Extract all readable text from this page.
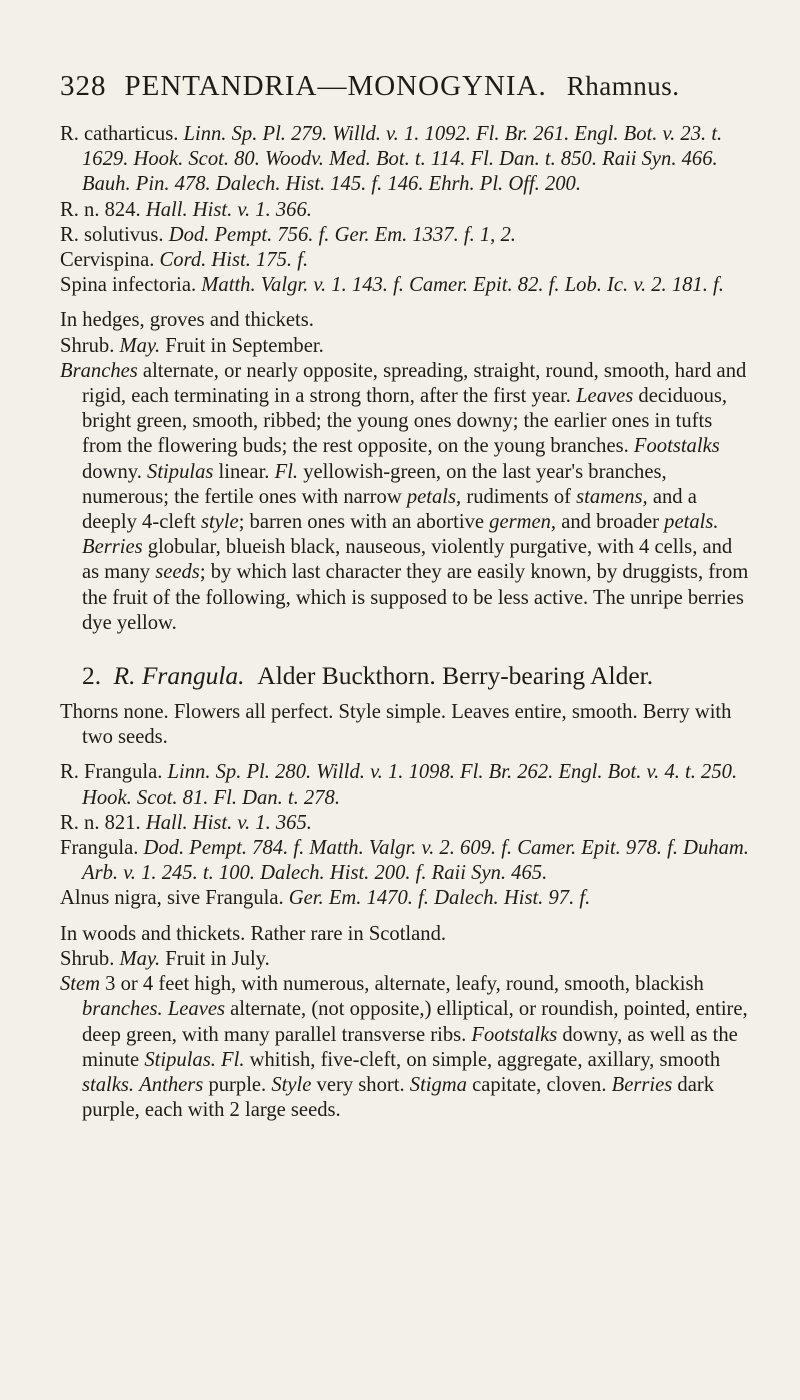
328 PENTANDRIA—MONOGYNIA. Rhamnus.
R. catharticus. Linn. Sp. Pl. 279. Willd. v. 1. 1092. Fl. Br. 261. Engl. Bot. v. 23. t. 1629. Hook. Scot. 80. Woodv. Med. Bot. t. 114. Fl. Dan. t. 850. Raii Syn. 466. Bauh. Pin. 478. Dalech. Hist. 145. f. 146. Ehrh. Pl. Off. 200.
R. n. 824. Hall. Hist. v. 1. 366.
R. solutivus. Dod. Pempt. 756. f. Ger. Em. 1337. f. 1, 2.
Cervispina. Cord. Hist. 175. f.
Spina infectoria. Matth. Valgr. v. 1. 143. f. Camer. Epit. 82. f. Lob. Ic. v. 2. 181. f.
In hedges, groves and thickets.
Shrub. May. Fruit in September.
Branches alternate, or nearly opposite, spreading, straight, round, smooth, hard and rigid, each terminating in a strong thorn, after the first year. Leaves deciduous, bright green, smooth, ribbed; the young ones downy; the earlier ones in tufts from the flowering buds; the rest opposite, on the young branches. Footstalks downy. Stipulas linear. Fl. yellowish-green, on the last year's branches, numerous; the fertile ones with narrow petals, rudiments of stamens, and a deeply 4-cleft style; barren ones with an abortive germen, and broader petals. Berries globular, blueish black, nauseous, violently purgative, with 4 cells, and as many seeds; by which last character they are easily known, by druggists, from the fruit of the following, which is supposed to be less active. The unripe berries dye yellow.
2. R. Frangula. Alder Buckthorn. Berry-bearing Alder.
Thorns none. Flowers all perfect. Style simple. Leaves entire, smooth. Berry with two seeds.
R. Frangula. Linn. Sp. Pl. 280. Willd. v. 1. 1098. Fl. Br. 262. Engl. Bot. v. 4. t. 250. Hook. Scot. 81. Fl. Dan. t. 278.
R. n. 821. Hall. Hist. v. 1. 365.
Frangula. Dod. Pempt. 784. f. Matth. Valgr. v. 2. 609. f. Camer. Epit. 978. f. Duham. Arb. v. 1. 245. t. 100. Dalech. Hist. 200. f. Raii Syn. 465.
Alnus nigra, sive Frangula. Ger. Em. 1470. f. Dalech. Hist. 97. f.
In woods and thickets. Rather rare in Scotland.
Shrub. May. Fruit in July.
Stem 3 or 4 feet high, with numerous, alternate, leafy, round, smooth, blackish branches. Leaves alternate, (not opposite,) elliptical, or roundish, pointed, entire, deep green, with many parallel transverse ribs. Footstalks downy, as well as the minute Stipulas. Fl. whitish, five-cleft, on simple, aggregate, axillary, smooth stalks. Anthers purple. Style very short. Stigma capitate, cloven. Berries dark purple, each with 2 large seeds.
